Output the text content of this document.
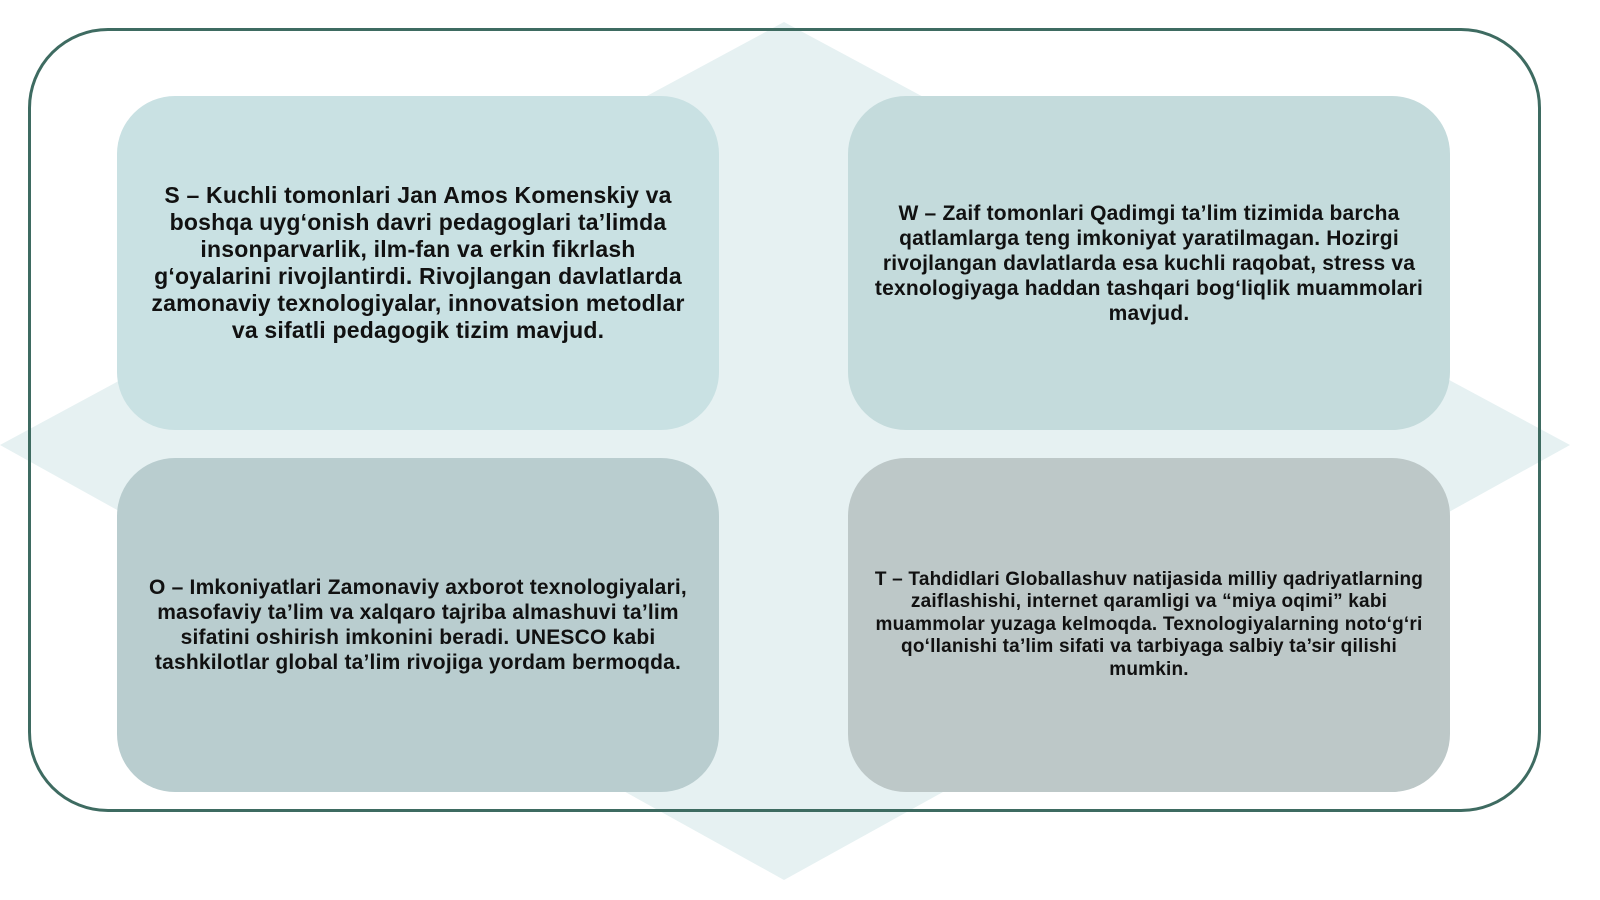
S – Kuchli tomonlari Jan Amos Komenskiy va boshqa uyg‘onish davri pedagoglari ta’limda insonparvarlik, ilm-fan va erkin fikrlash g‘oyalarini rivojlantirdi. Rivojlangan davlatlarda zamonaviy texnologiyalar, innovatsion metodlar va sifatli pedagogik tizim mavjud.

W – Zaif tomonlari Qadimgi ta’lim tizimida barcha qatlamlarga teng imkoniyat yaratilmagan. Hozirgi rivojlangan davlatlarda esa kuchli raqobat, stress va texnologiyaga haddan tashqari bog‘liqlik muammolari mavjud.

O – Imkoniyatlari Zamonaviy axborot texnologiyalari, masofaviy ta’lim va xalqaro tajriba almashuvi ta’lim sifatini oshirish imkonini beradi. UNESCO kabi tashkilotlar global ta’lim rivojiga yordam bermoqda.

T – Tahdidlari Globallashuv natijasida milliy qadriyatlarning zaiflashishi, internet qaramligi va “miya oqimi” kabi muammolar yuzaga kelmoqda. Texnologiyalarning noto‘g‘ri qo‘llanishi ta’lim sifati va tarbiyaga salbiy ta’sir qilishi mumkin.
